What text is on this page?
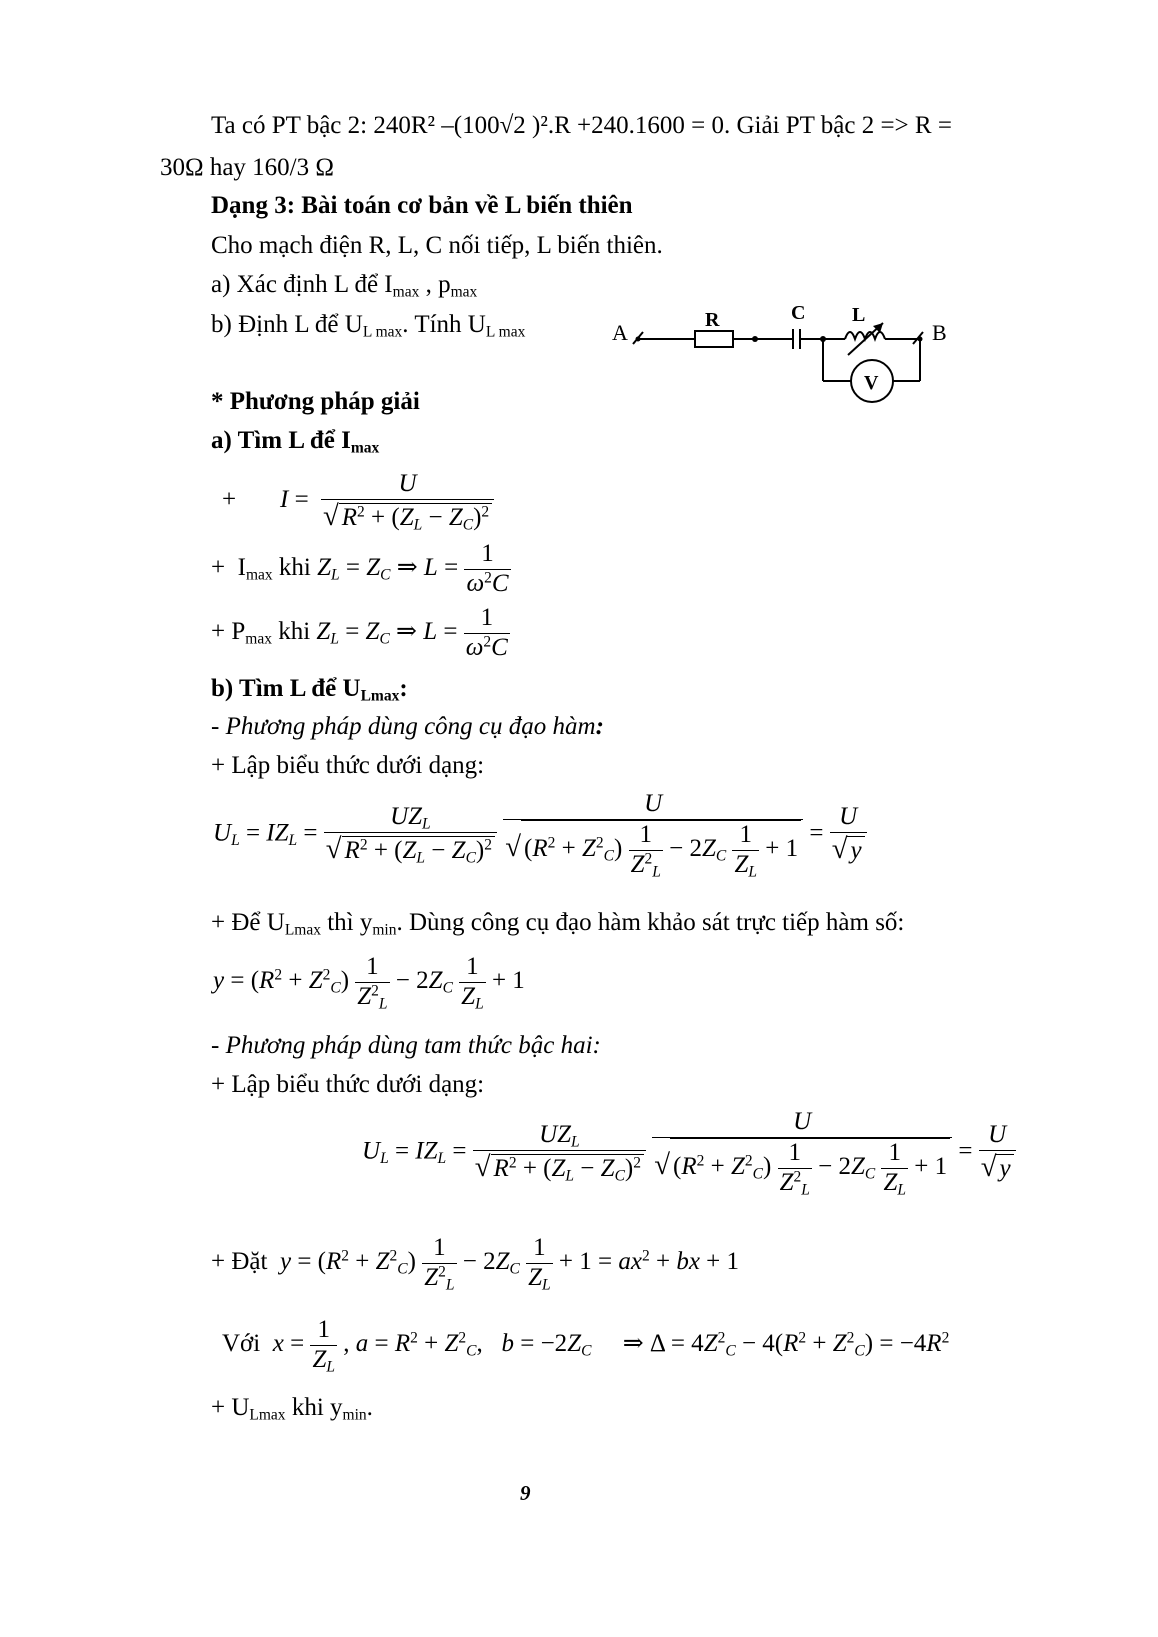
Ta có PT bậc 2: 240R² –(100√2 )².R +240.1600 = 0. Giải PT bậc 2 => R =
30Ω hay 160/3 Ω
Dạng 3: Bài toán cơ bản về L biến thiên
Cho mạch điện R, L, C nối tiếp, L biến thiên.
a) Xác định L để $I_{max}$ , $p_{max}$
b) Định L để $U_{L max}$. Tính $U_{L max}$	A	B
R	C L
V
* Phương pháp giải
a) Tìm L để $I_{max}$
+ $I = \frac{U}{√ R^2 + (Z_L - Z_C)^2}$
+  $I_{max}$ khi $Z_L = Z_C$ ⇒ $L = \frac{1}{\omega^2C}$
+ $P_{max}$ khi $Z_L = Z_C$ ⇒ $L = \frac{1}{\omega^2C}$
b) Tìm L để $U_{Lmax}$:
- Phương pháp dùng công cụ đạo hàm:
+ Lập biểu thức dưới dạng:
$U_L = IZ_L = \frac{UZ_L}{√ R^2 + (Z_L - Z_C)^2}$
$\frac{U}{√ (R^2 + Z^2_C) \frac{1}{Z^2_L} - 2Z_C \frac{1}{Z_L} + 1} = \frac{U}{√ y}$
+ Để $U_{Lmax}$ thì $y_{min}$. Dùng công cụ đạo hàm khảo sát trực tiếp hàm số:
$y = (R^2 + Z^2_C) \frac{1}{Z^2_L} - 2Z_C \frac{1}{Z_L} + 1$
- Phương pháp dùng tam thức bậc hai:
+ Lập biểu thức dưới dạng:
$U_L = IZ_L = \frac{UZ_L}{√ R^2 + (Z_L - Z_C)^2}$
$\frac{U}{√ (R^2 + Z^2_C) \frac{1}{Z^2_L} - 2Z_C \frac{1}{Z_L} + 1} = \frac{U}{√ y}$
+ Đặt $y = (R^2 + Z^2_C) \frac{1}{Z^2_L} - 2Z_C \frac{1}{Z_L} + 1 = ax^2$ + bx + 1
Với $x = \frac{1}{Z_L}$ , $a = R^2 + Z^2_C$,   $b = -2Z_C$     ⇒ $\Delta = 4Z^2_C - 4(R^2 + Z^2_C) = -4R^2$
+ $U_{Lmax}$ khi $y_{min}$.
9
